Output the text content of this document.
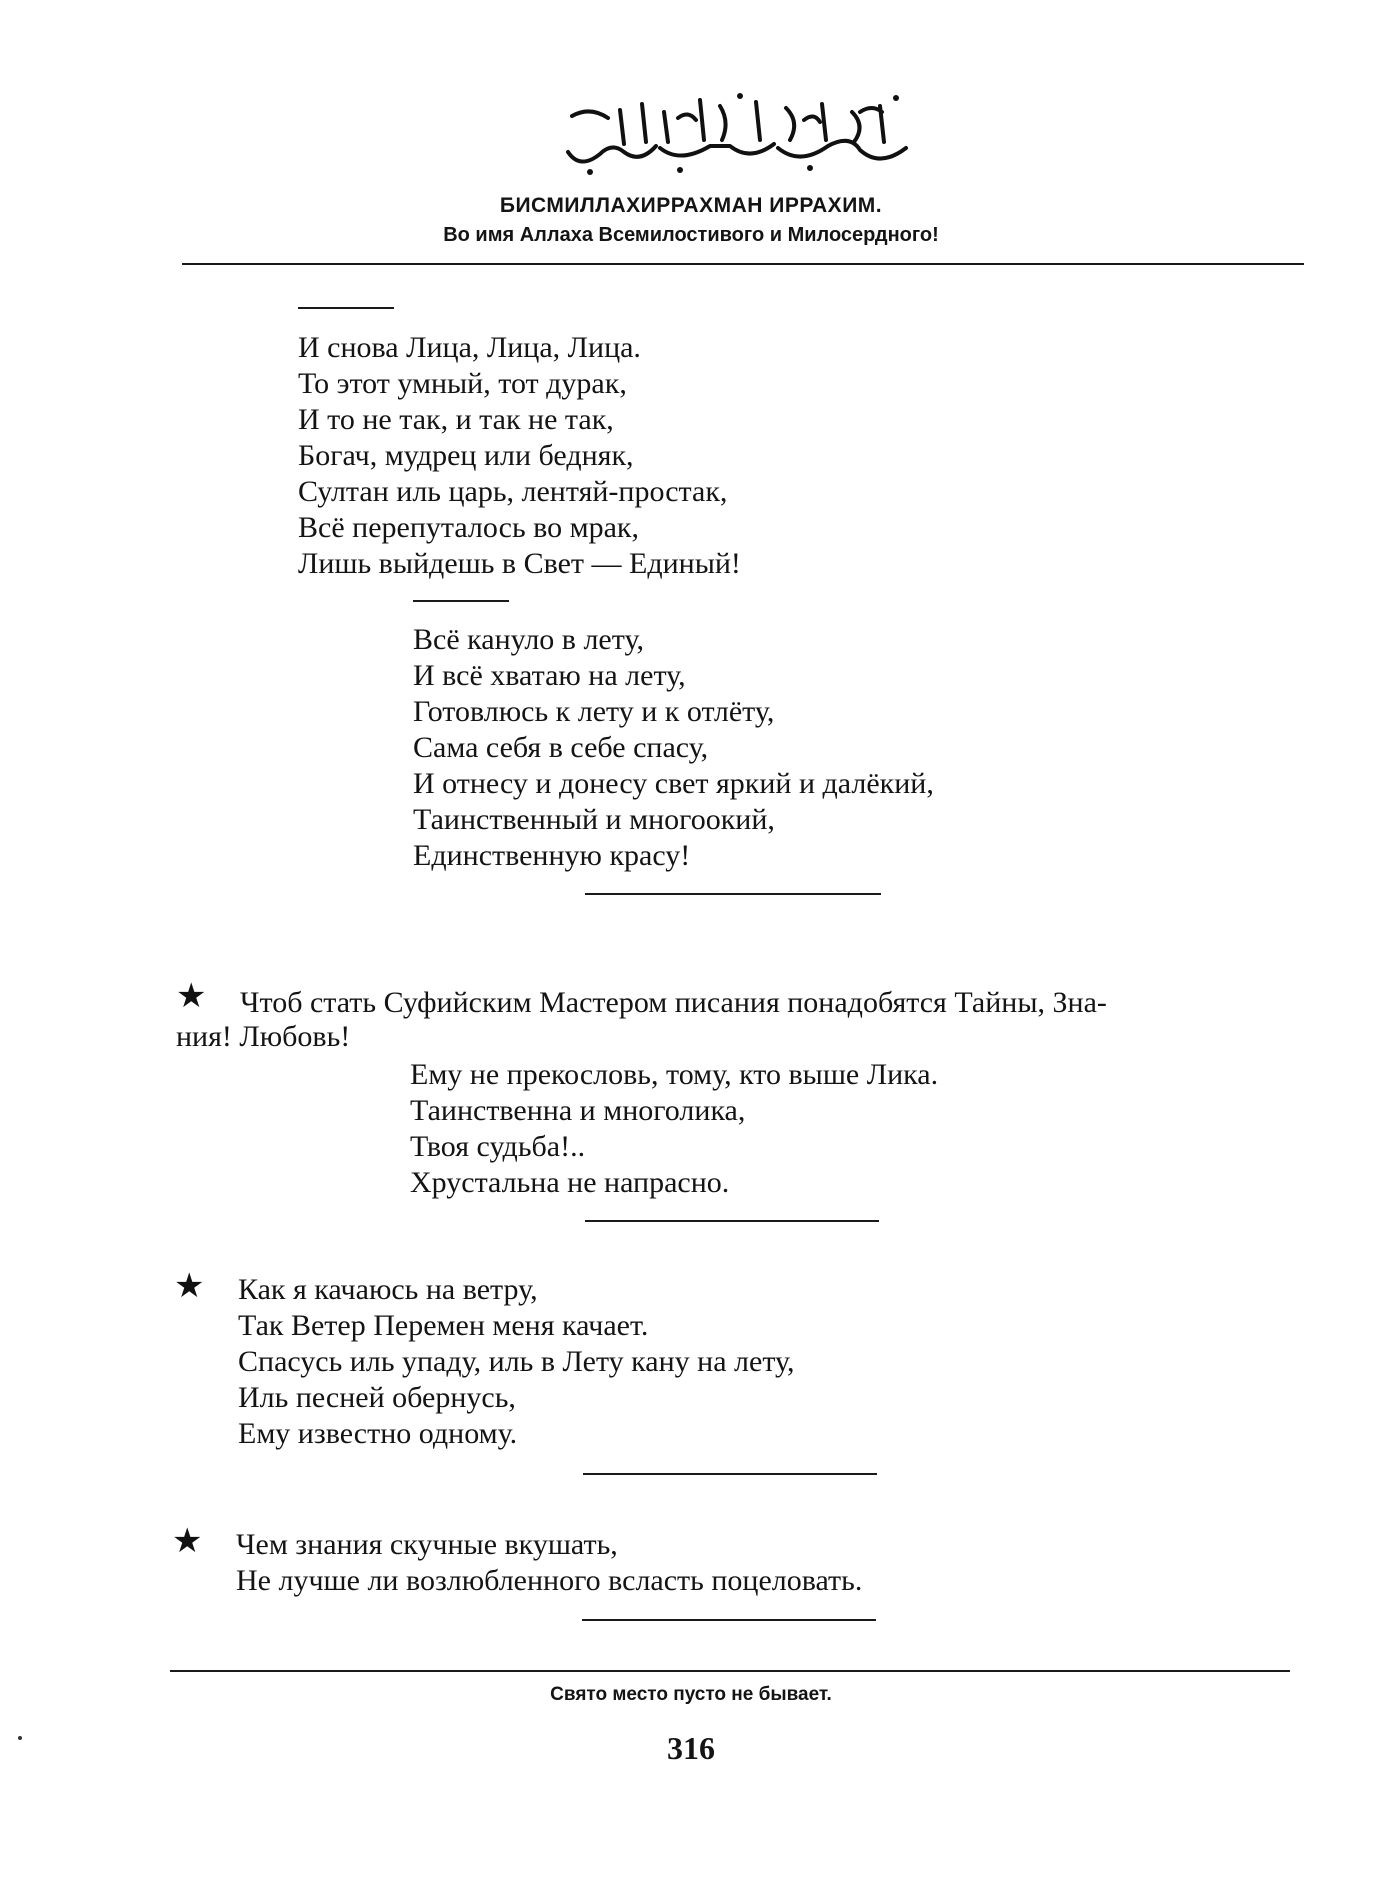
БИСМИЛЛАХИРРАХМАН ИРРАХИМ.
Во имя Аллаха Всемилостивого и Милосердного!
И снова Лица, Лица, Лица.
То этот умный, тот дурак,
И то не так, и так не так,
Богач, мудрец или бедняк,
Султан иль царь, лентяй-простак,
Всё перепуталось во мрак,
Лишь выйдешь в Свет — Единый!
Всё кануло в лету,
И всё хватаю на лету,
Готовлюсь к лету и к отлёту,
Сама себя в себе спасу,
И отнесу и донесу свет яркий и далёкий,
Таинственный и многоокий,
Единственную красу!
★ Чтоб стать Суфийским Мастером писания понадобятся Тайны, Зна-
ния! Любовь!
Ему не прекословь, тому, кто выше Лика.
Таинственна и многолика,
Твоя судьба!..
Хрустальна не напрасно.
★ Как я качаюсь на ветру,
Так Ветер Перемен меня качает.
Спасусь иль упаду, иль в Лету кану на лету,
Иль песней обернусь,
Ему известно одному.
★ Чем знания скучные вкушать,
Не лучше ли возлюбленного всласть поцеловать.
Свято место пусто не бывает.
316
